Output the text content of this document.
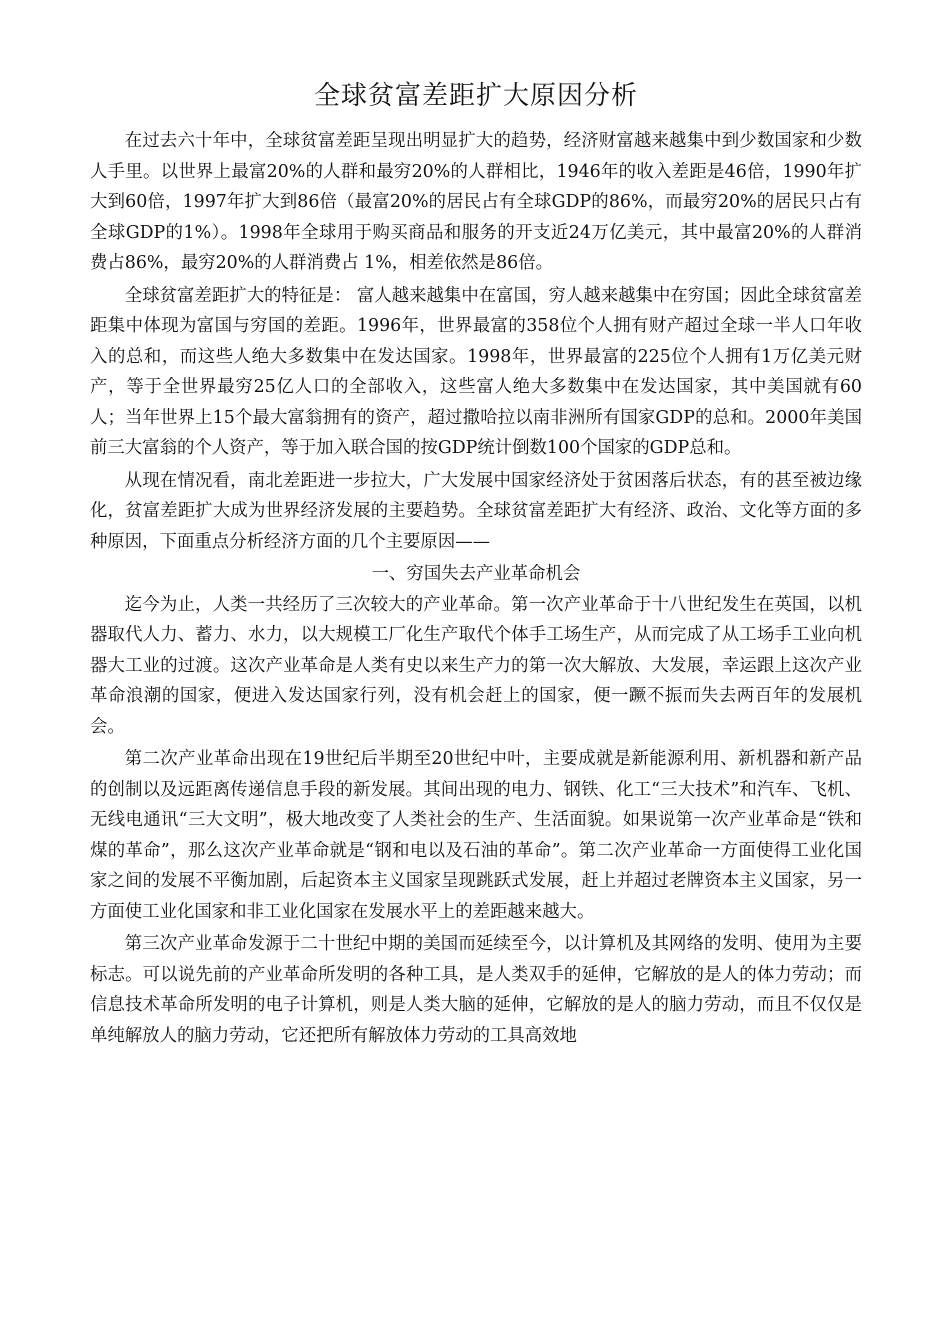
全球贫富差距扩大原因分析

在过去六十年中，全球贫富差距呈现出明显扩大的趋势，经济财富越来越集中到少数国家和少数人手里。以世界上最富20%的人群和最穷20%的人群相比，1946年的收入差距是46倍，1990年扩大到60倍，1997年扩大到86倍（最富20%的居民占有全球GDP的86%，而最穷20%的居民只占有全球GDP的1%）。1998年全球用于购买商品和服务的开支近24万亿美元，其中最富20%的人群消费占86%，最穷20%的人群消费占 1%，相差依然是86倍。

全球贫富差距扩大的特征是： 富人越来越集中在富国，穷人越来越集中在穷国；因此全球贫富差距集中体现为富国与穷国的差距。1996年，世界最富的358位个人拥有财产超过全球一半人口年收入的总和，而这些人绝大多数集中在发达国家。1998年，世界最富的225位个人拥有1万亿美元财产，等于全世界最穷25亿人口的全部收入，这些富人绝大多数集中在发达国家，其中美国就有60人；当年世界上15个最大富翁拥有的资产，超过撒哈拉以南非洲所有国家GDP的总和。2000年美国前三大富翁的个人资产，等于加入联合国的按GDP统计倒数100个国家的GDP总和。

从现在情况看，南北差距进一步拉大，广大发展中国家经济处于贫困落后状态，有的甚至被边缘化，贫富差距扩大成为世界经济发展的主要趋势。全球贫富差距扩大有经济、政治、文化等方面的多种原因，下面重点分析经济方面的几个主要原因——

一、穷国失去产业革命机会

迄今为止，人类一共经历了三次较大的产业革命。第一次产业革命于十八世纪发生在英国，以机器取代人力、蓄力、水力，以大规模工厂化生产取代个体手工场生产，从而完成了从工场手工业向机器大工业的过渡。这次产业革命是人类有史以来生产力的第一次大解放、大发展，幸运跟上这次产业革命浪潮的国家，便进入发达国家行列，没有机会赶上的国家，便一蹶不振而失去两百年的发展机会。

第二次产业革命出现在19世纪后半期至20世纪中叶，主要成就是新能源利用、新机器和新产品的创制以及远距离传递信息手段的新发展。其间出现的电力、钢铁、化工“三大技术”和汽车、飞机、无线电通讯“三大文明”，极大地改变了人类社会的生产、生活面貌。如果说第一次产业革命是“铁和煤的革命”，那么这次产业革命就是“钢和电以及石油的革命”。第二次产业革命一方面使得工业化国家之间的发展不平衡加剧，后起资本主义国家呈现跳跃式发展，赶上并超过老牌资本主义国家，另一方面使工业化国家和非工业化国家在发展水平上的差距越来越大。

第三次产业革命发源于二十世纪中期的美国而延续至今，以计算机及其网络的发明、使用为主要标志。可以说先前的产业革命所发明的各种工具，是人类双手的延伸，它解放的是人的体力劳动；而信息技术革命所发明的电子计算机，则是人类大脑的延伸，它解放的是人的脑力劳动，而且不仅仅是单纯解放人的脑力劳动，它还把所有解放体力劳动的工具高效地
